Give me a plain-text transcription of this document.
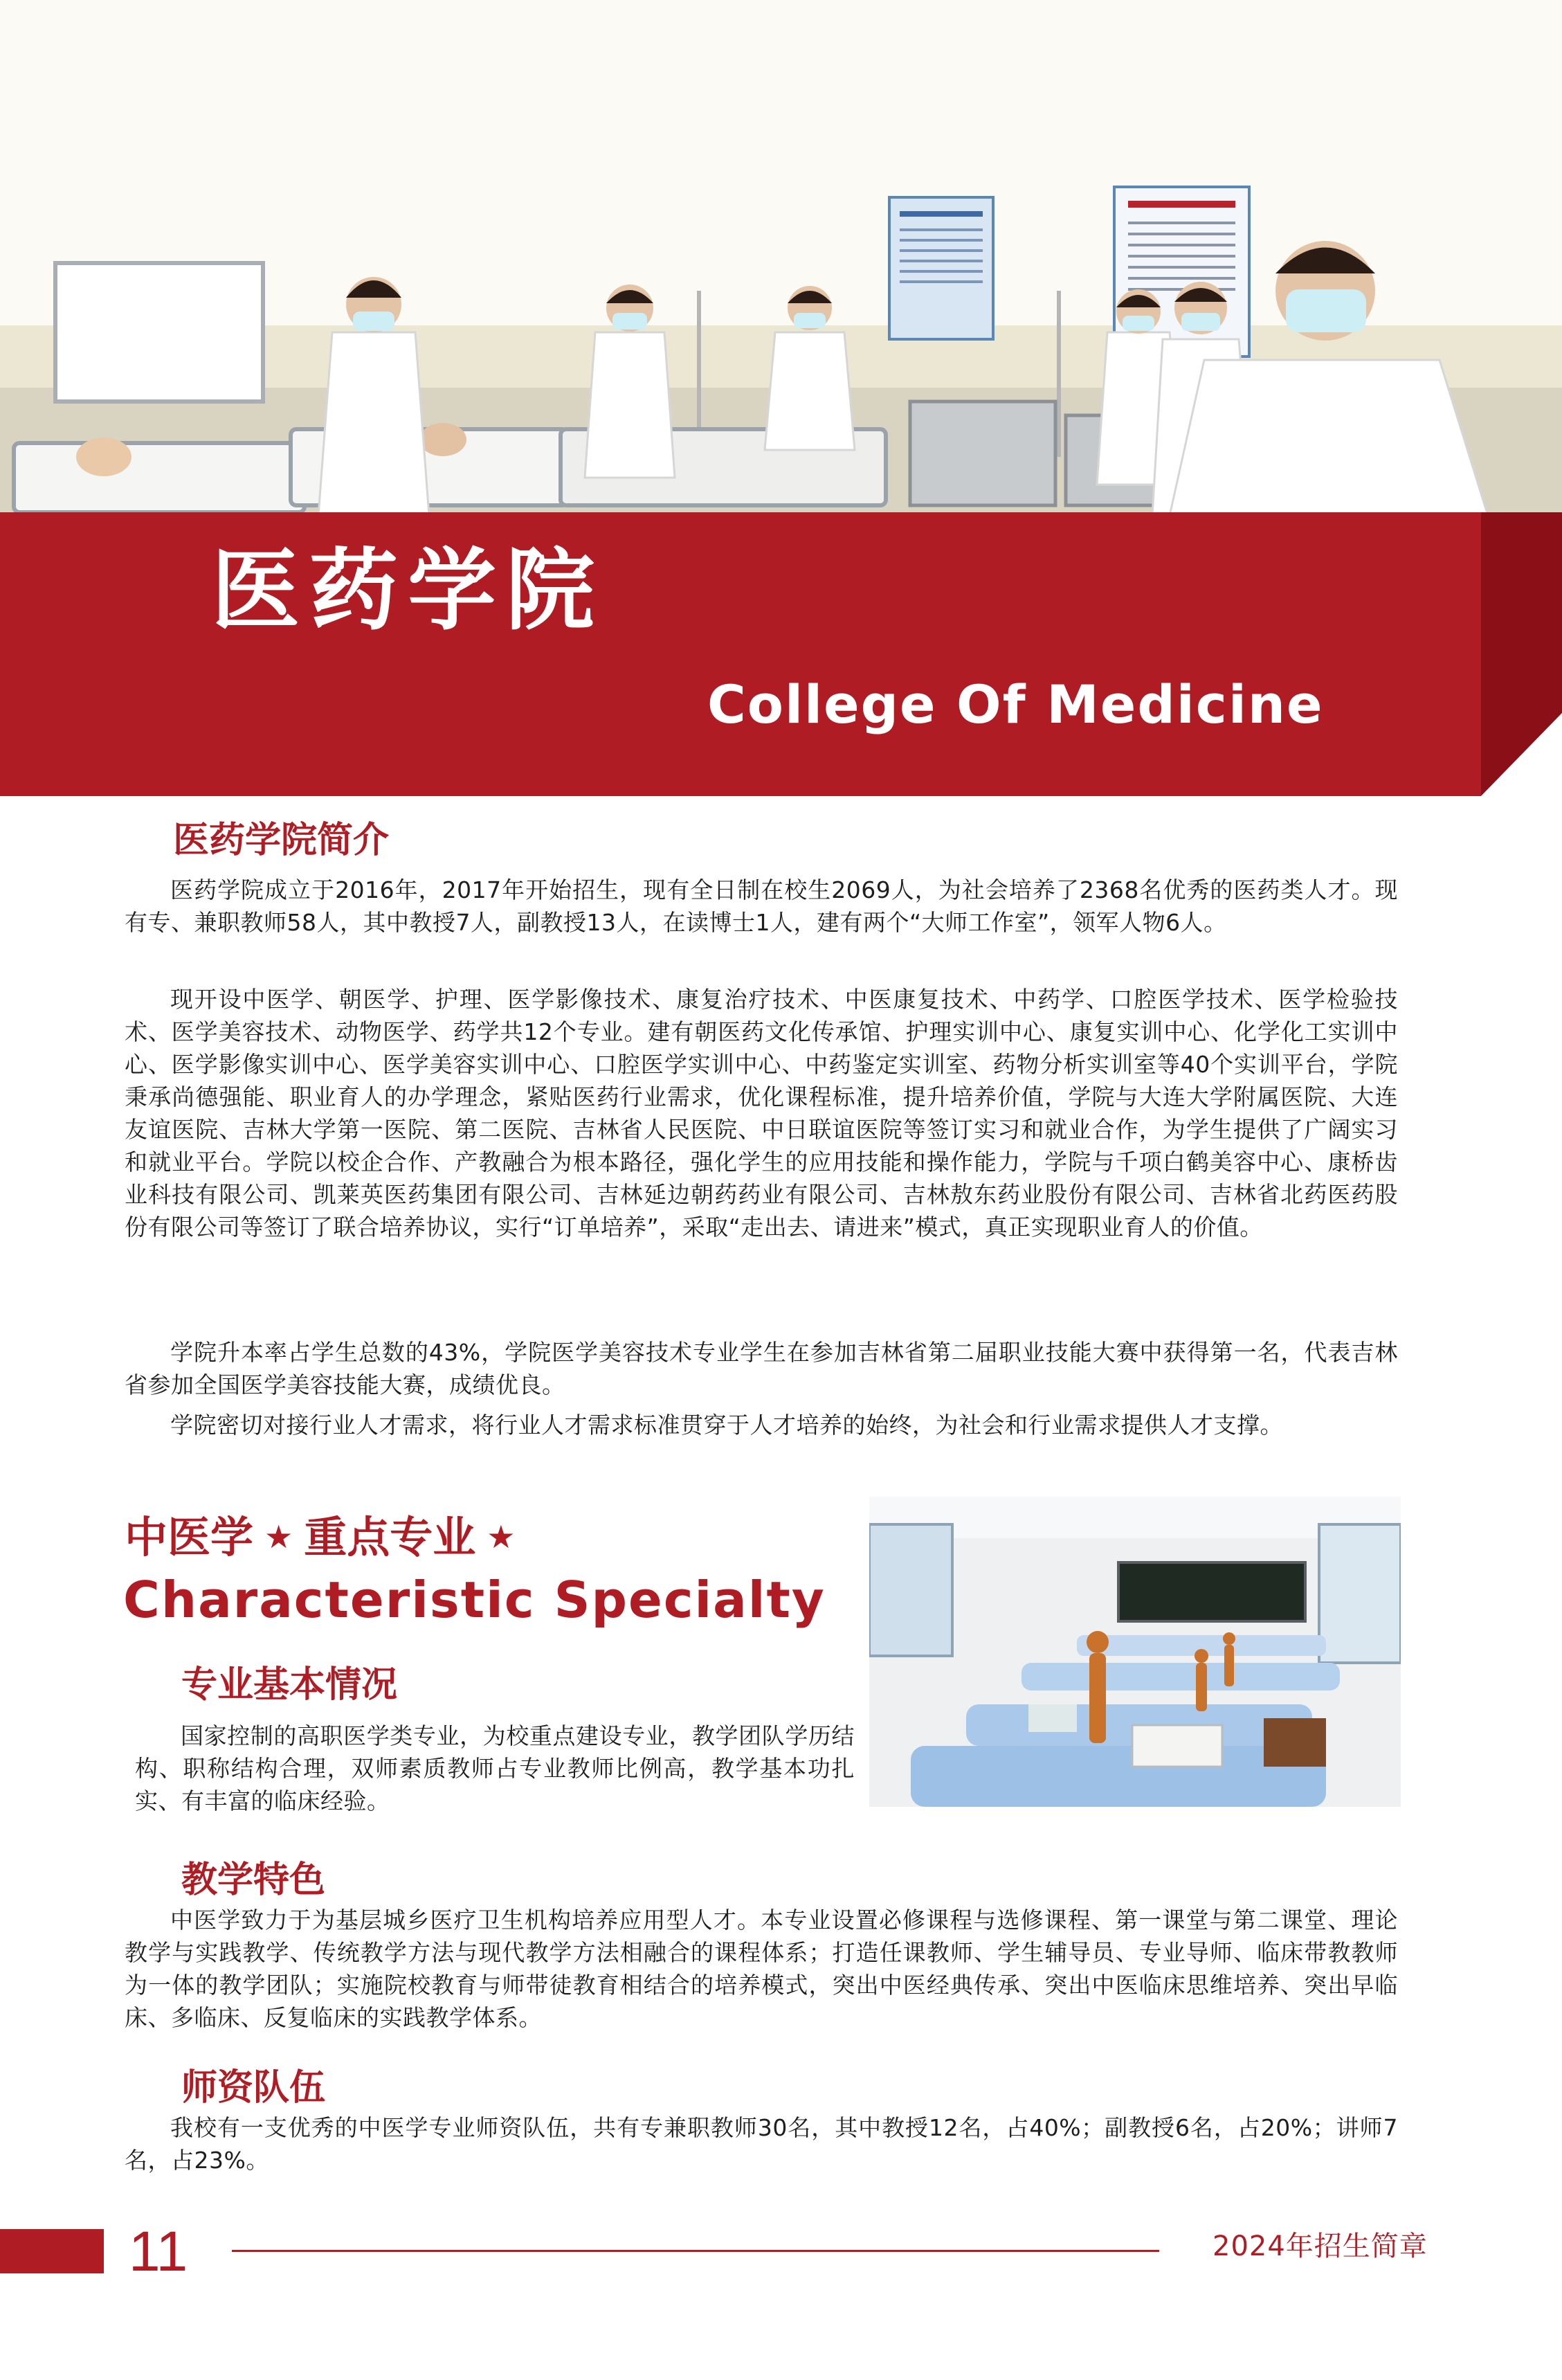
医药学院
College Of Medicine
医药学院简介

医药学院成立于2016年，2017年开始招生，现有全日制在校生2069人，为社会培养了2368名优秀的医药类人才。现有专、兼职教师58人，其中教授7人，副教授13人，在读博士1人，建有两个“大师工作室”，领军人物6人。

现开设中医学、朝医学、护理、医学影像技术、康复治疗技术、中医康复技术、中药学、口腔医学技术、医学检验技术、医学美容技术、动物医学、药学共12个专业。建有朝医药文化传承馆、护理实训中心、康复实训中心、化学化工实训中心、医学影像实训中心、医学美容实训中心、口腔医学实训中心、中药鉴定实训室、药物分析实训室等40个实训平台，学院秉承尚德强能、职业育人的办学理念，紧贴医药行业需求，优化课程标准，提升培养价值，学院与大连大学附属医院、大连友谊医院、吉林大学第一医院、第二医院、吉林省人民医院、中日联谊医院等签订实习和就业合作，为学生提供了广阔实习和就业平台。学院以校企合作、产教融合为根本路径，强化学生的应用技能和操作能力，学院与千项白鹤美容中心、康桥齿业科技有限公司、凯莱英医药集团有限公司、吉林延边朝药药业有限公司、吉林敖东药业股份有限公司、吉林省北药医药股份有限公司等签订了联合培养协议，实行“订单培养”，采取“走出去、请进来”模式，真正实现职业育人的价值。

学院升本率占学生总数的43%，学院医学美容技术专业学生在参加吉林省第二届职业技能大赛中获得第一名，代表吉林省参加全国医学美容技能大赛，成绩优良。

学院密切对接行业人才需求，将行业人才需求标准贯穿于人才培养的始终，为社会和行业需求提供人才支撑。

中医学 ★ 重点专业 ★
Characteristic Specialty
专业基本情况

国家控制的高职医学类专业，为校重点建设专业，教学团队学历结构、职称结构合理，双师素质教师占专业教师比例高，教学基本功扎实、有丰富的临床经验。

教学特色

中医学致力于为基层城乡医疗卫生机构培养应用型人才。本专业设置必修课程与选修课程、第一课堂与第二课堂、理论教学与实践教学、传统教学方法与现代教学方法相融合的课程体系；打造任课教师、学生辅导员、专业导师、临床带教教师为一体的教学团队；实施院校教育与师带徒教育相结合的培养模式，突出中医经典传承、突出中医临床思维培养、突出早临床、多临床、反复临床的实践教学体系。

师资队伍

我校有一支优秀的中医学专业师资队伍，共有专兼职教师30名，其中教授12名，占40%；副教授6名，占20%；讲师7名，占23%。

11	2024年招生简章
